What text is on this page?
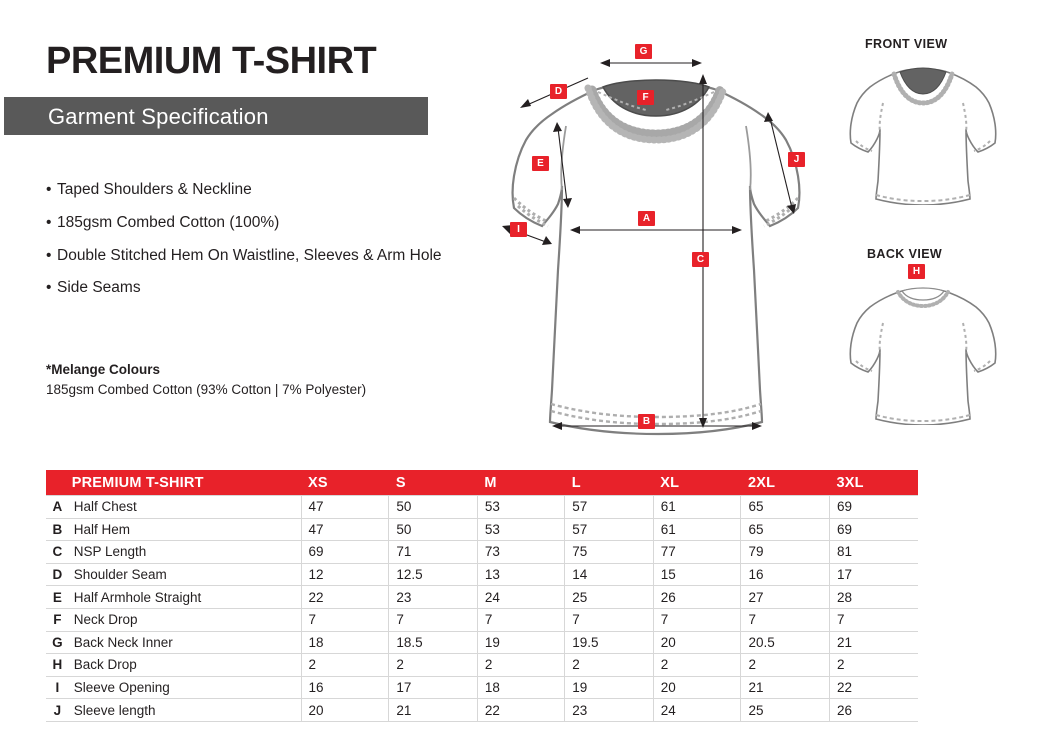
PREMIUM T-SHIRT
Garment Specification
• Taped Shoulders & Neckline
• 185gsm Combed Cotton (100%)
• Double Stitched Hem On Waistline, Sleeves & Arm Hole
• Side Seams
*Melange Colours
185gsm Combed Cotton (93% Cotton | 7% Polyester)
G
F
D
E
A
C
I
J
B
FRONT VIEW
BACK VIEW
H
	PREMIUM T-SHIRT	XS	S	M	L	XL	2XL	3XL
A	Half Chest	47	50	53	57	61	65	69
B	Half Hem	47	50	53	57	61	65	69
C	NSP Length	69	71	73	75	77	79	81
D	Shoulder Seam	12	12.5	13	14	15	16	17
E	Half Armhole Straight	22	23	24	25	26	27	28
F	Neck Drop	7	7	7	7	7	7	7
G	Back Neck Inner	18	18.5	19	19.5	20	20.5	21
H	Back Drop	2	2	2	2	2	2	2
I	Sleeve Opening	16	17	18	19	20	21	22
J	Sleeve length	20	21	22	23	24	25	26
